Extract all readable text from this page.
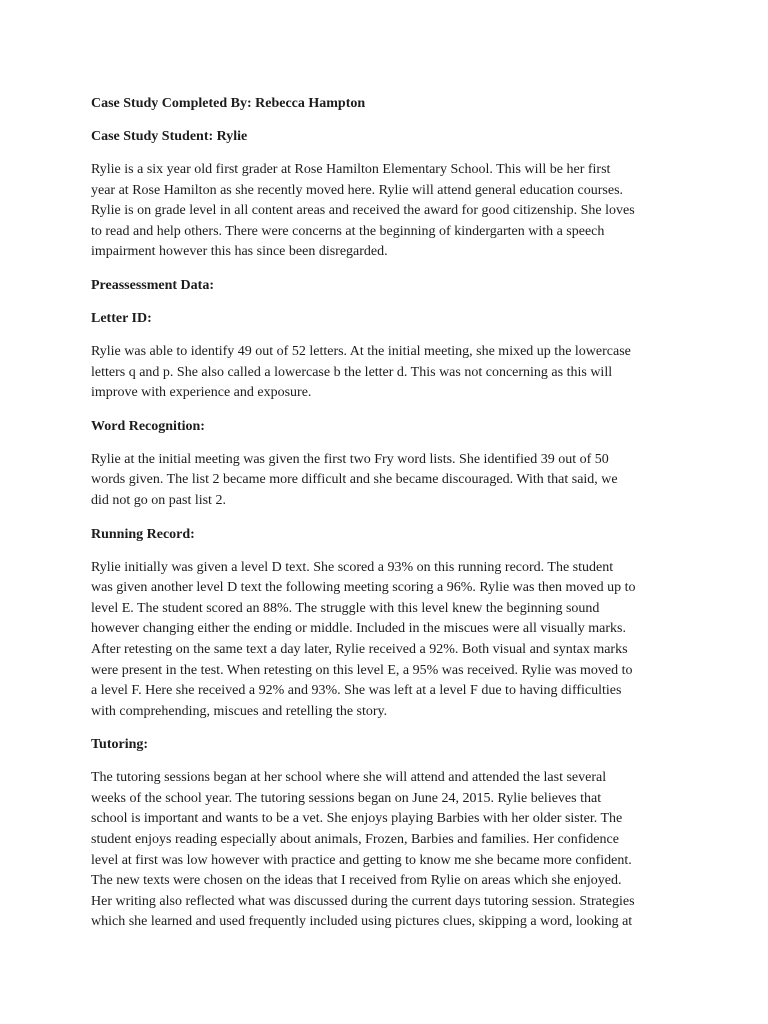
Case Study Completed By: Rebecca Hampton
Case Study Student: Rylie
Rylie is a six year old first grader at Rose Hamilton Elementary School. This will be her first
year at Rose Hamilton as she recently moved here. Rylie will attend general education courses.
Rylie is on grade level in all content areas and received the award for good citizenship. She loves
to read and help others. There were concerns at the beginning of kindergarten with a speech
impairment however this has since been disregarded.
Preassessment Data:
Letter ID:
Rylie was able to identify 49 out of 52 letters. At the initial meeting, she mixed up the lowercase
letters q and p. She also called a lowercase b the letter d. This was not concerning as this will
improve with experience and exposure.
Word Recognition:
Rylie at the initial meeting was given the first two Fry word lists. She identified 39 out of 50
words given. The list 2 became more difficult and she became discouraged. With that said, we
did not go on past list 2.
Running Record:
Rylie initially was given a level D text. She scored a 93% on this running record. The student
was given another level D text the following meeting scoring a 96%. Rylie was then moved up to
level E. The student scored an 88%. The struggle with this level knew the beginning sound
however changing either the ending or middle. Included in the miscues were all visually marks.
After retesting on the same text a day later, Rylie received a 92%. Both visual and syntax marks
were present in the test. When retesting on this level E, a 95% was received. Rylie was moved to
a level F. Here she received a 92% and 93%. She was left at a level F due to having difficulties
with comprehending, miscues and retelling the story.
Tutoring:
The tutoring sessions began at her school where she will attend and attended the last several
weeks of the school year. The tutoring sessions began on June 24, 2015. Rylie believes that
school is important and wants to be a vet. She enjoys playing Barbies with her older sister. The
student enjoys reading especially about animals, Frozen, Barbies and families. Her confidence
level at first was low however with practice and getting to know me she became more confident.
The new texts were chosen on the ideas that I received from Rylie on areas which she enjoyed.
Her writing also reflected what was discussed during the current days tutoring session. Strategies
which she learned and used frequently included using pictures clues, skipping a word, looking at
